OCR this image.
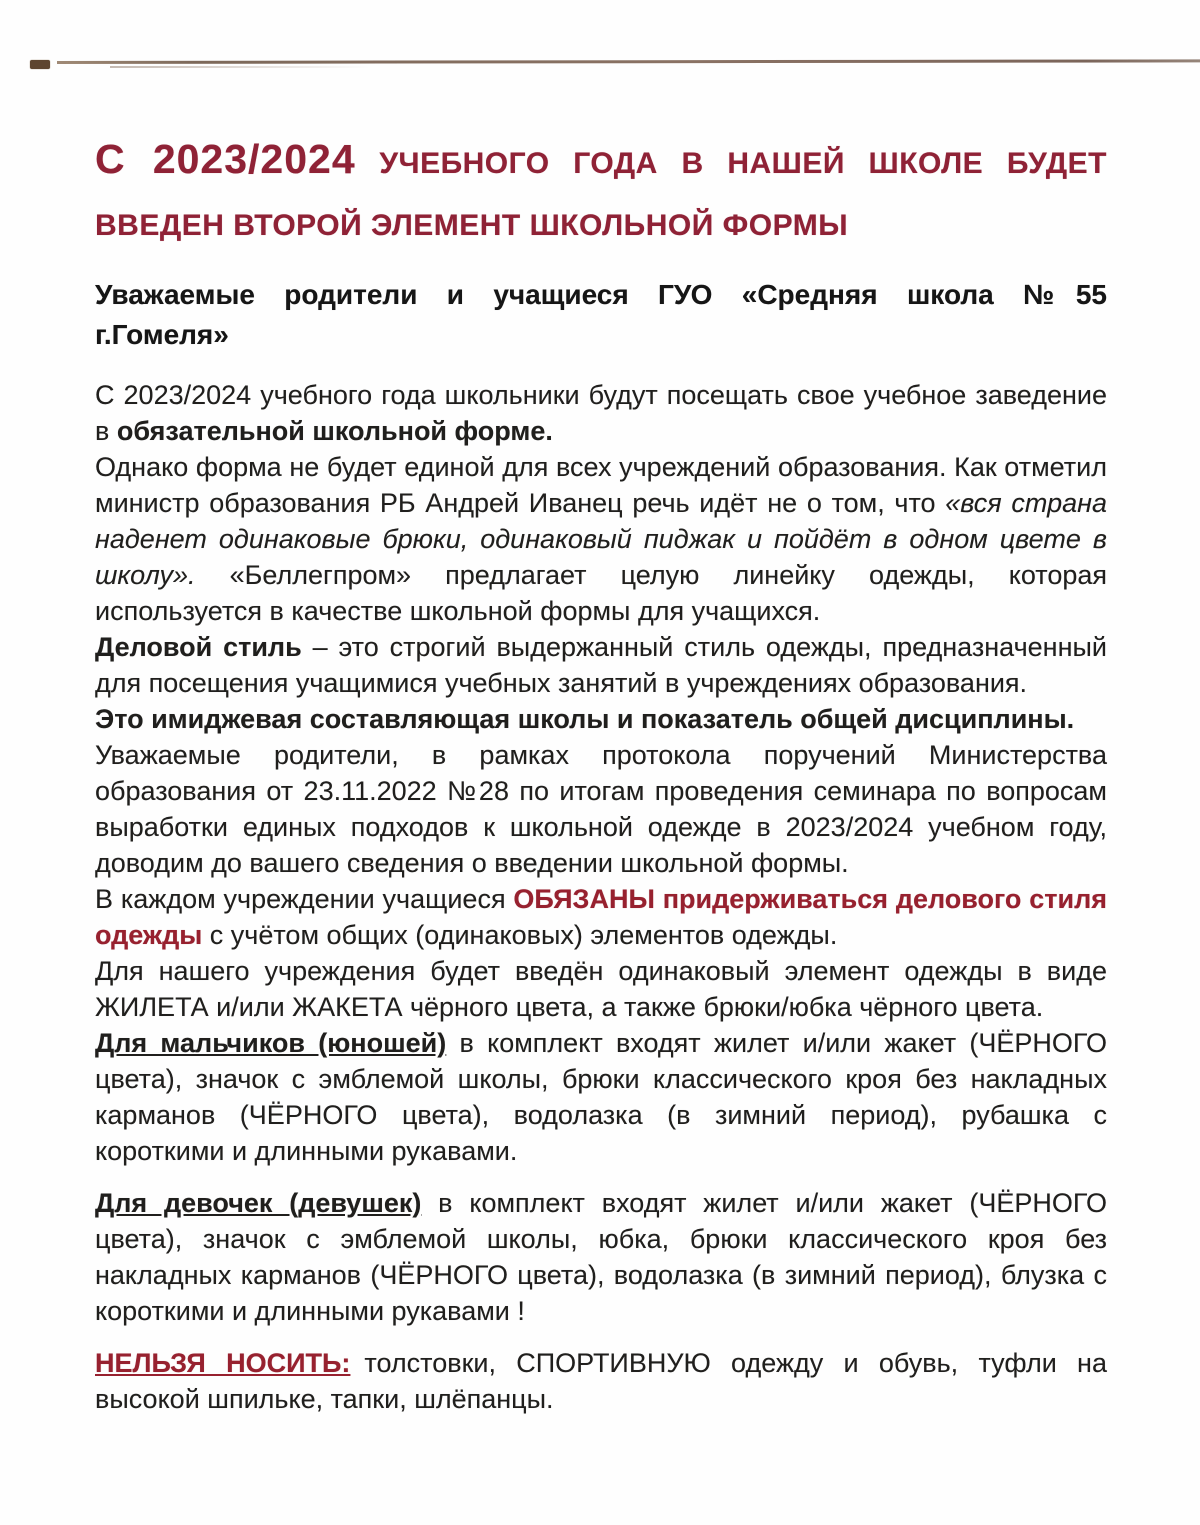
С 2023/2024 УЧЕБНОГО ГОДА В НАШЕЙ ШКОЛЕ БУДЕТ
ВВЕДЕН ВТОРОЙ ЭЛЕМЕНТ ШКОЛЬНОЙ ФОРМЫ
Уважаемые родители и учащиеся ГУО «Средняя школа №55
г.Гомеля»

С 2023/2024 учебного года школьники будут посещать свое учебное заведение в обязательной школьной форме.

Однако форма не будет единой для всех учреждений образования. Как отметил министр образования РБ Андрей Иванец речь идёт не о том, что «вся страна наденет одинаковые брюки, одинаковый пиджак и пойдёт в одном цвете в школу». «Беллегпром» предлагает целую линейку одежды, которая используется в качестве школьной формы для учащихся.

Деловой стиль – это строгий выдержанный стиль одежды, предназначенный для посещения учащимися учебных занятий в учреждениях образования.

Это имиджевая составляющая школы и показатель общей дисциплины.

Уважаемые родители, в рамках протокола поручений Министерства образования от 23.11.2022 №28 по итогам проведения семинара по вопросам выработки единых подходов к школьной одежде в 2023/2024 учебном году, доводим до вашего сведения о введении школьной формы.

В каждом учреждении учащиеся ОБЯЗАНЫ придерживаться делового стиля одежды с учётом общих (одинаковых) элементов одежды.

Для нашего учреждения будет введён одинаковый элемент одежды в виде ЖИЛЕТА и/или ЖАКЕТА чёрного цвета, а также брюки/юбка чёрного цвета.

Для мальчиков (юношей) в комплект входят жилет и/или жакет (ЧЁРНОГО цвета), значок с эмблемой школы, брюки классического кроя без накладных карманов (ЧЁРНОГО цвета), водолазка (в зимний период), рубашка с короткими и длинными рукавами.

Для девочек (девушек) в комплект входят жилет и/или жакет (ЧЁРНОГО цвета), значок с эмблемой школы, юбка, брюки классического кроя без накладных карманов (ЧЁРНОГО цвета), водолазка (в зимний период), блузка с короткими и длинными рукавами !

НЕЛЬЗЯ НОСИТЬ: толстовки, СПОРТИВНУЮ одежду и обувь, туфли на высокой шпильке, тапки, шлёпанцы.
